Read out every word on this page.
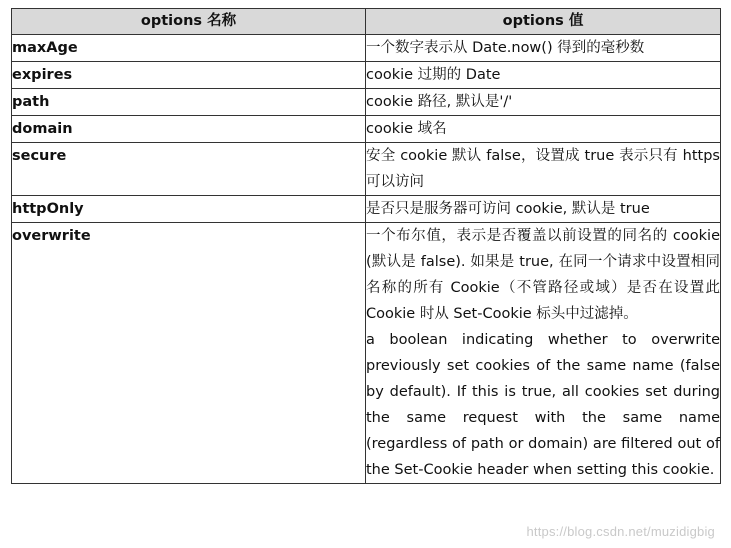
options 名称	options 值
maxAge	一个数字表示从 Date.now() 得到的毫秒数
expires	cookie 过期的 Date
path	cookie 路径, 默认是'/'
domain	cookie 域名
secure	安全 cookie 默认 false，设置成 true 表示只有 https 可以访问
httpOnly	是否只是服务器可访问 cookie, 默认是 true
overwrite	一个布尔值，表示是否覆盖以前设置的同名的 cookie (默认是 false). 如果是 true, 在同一个请求中设置相同名称的所有 Cookie（不管路径或域）是否在设置此 Cookie 时从 Set-Cookie 标头中过滤掉。
a boolean indicating whether to overwrite previously set cookies of the same name (false by default). If this is true, all cookies set during the same request with the same name (regardless of path or domain) are filtered out of the Set-Cookie header when setting this cookie.
https://blog.csdn.net/muzidigbig
